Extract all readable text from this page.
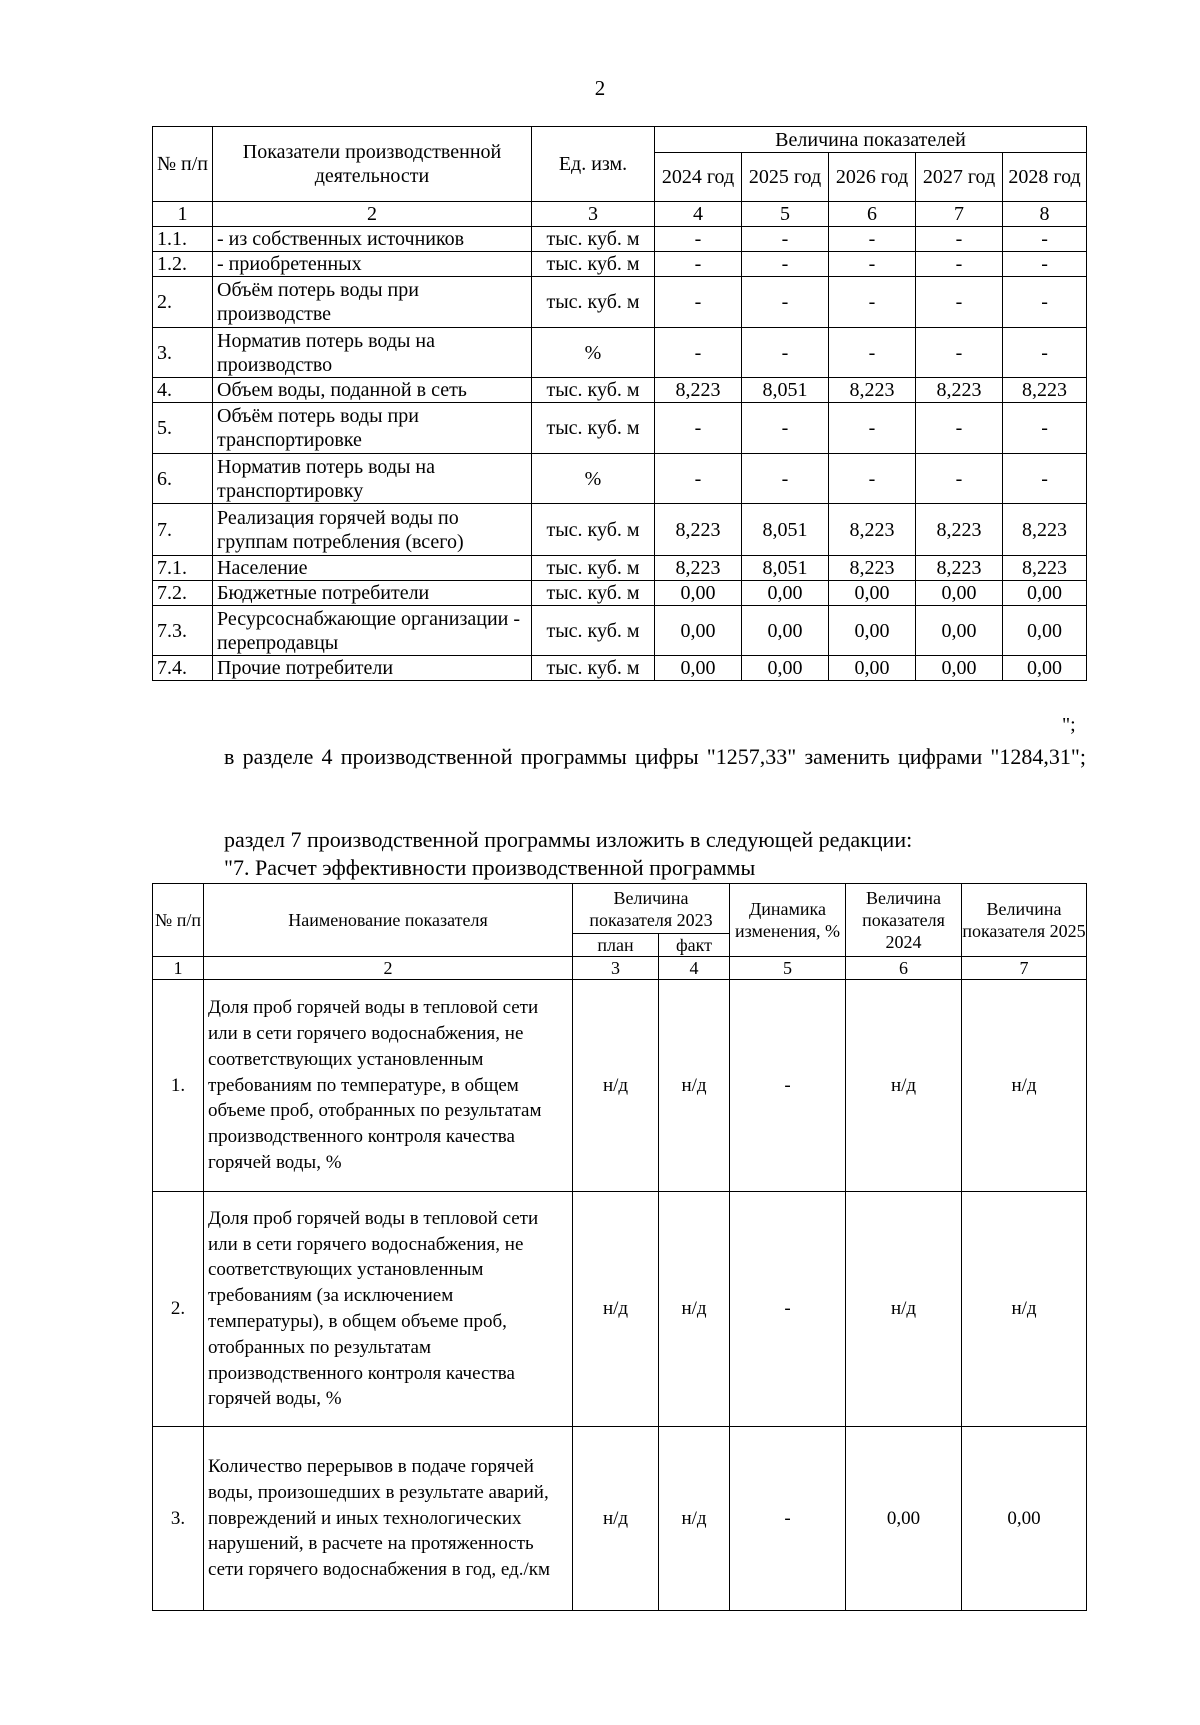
2
№ п/п	Показатели производственной деятельности	Ед. изм.	Величина показателей				
			2024 год	2025 год	2026 год	2027 год	2028 год
1	2	3	4	5	6	7	8
1.1.	- из собственных источников	тыс. куб. м	-	-	-	-	-
1.2.	- приобретенных	тыс. куб. м	-	-	-	-	-
2.	Объём потерь воды при производстве	тыс. куб. м	-	-	-	-	-
3.	Норматив потерь воды на производство	%	-	-	-	-	-
4.	Объем воды, поданной в сеть	тыс. куб. м	8,223	8,051	8,223	8,223	8,223
5.	Объём потерь воды при транспортировке	тыс. куб. м	-	-	-	-	-
6.	Норматив потерь воды на транспортировку	%	-	-	-	-	-
7.	Реализация горячей воды по группам потребления (всего)	тыс. куб. м	8,223	8,051	8,223	8,223	8,223
7.1.	Население	тыс. куб. м	8,223	8,051	8,223	8,223	8,223
7.2.	Бюджетные потребители	тыс. куб. м	0,00	0,00	0,00	0,00	0,00
7.3.	Ресурсоснабжающие организации - перепродавцы	тыс. куб. м	0,00	0,00	0,00	0,00	0,00
7.4.	Прочие потребители	тыс. куб. м	0,00	0,00	0,00	0,00	0,00
";
в разделе 4 производственной программы цифры "1257,33" заменить цифрами "1284,31";
раздел 7 производственной программы изложить в следующей редакции:
"7. Расчет эффективности производственной программы
№ п/п	Наименование показателя	Величина показателя 2023		Динамика изменения, %	Величина показателя 2024	Величина показателя 2025
		план	факт			
1	2	3	4	5	6	7
1.	Доля проб горячей воды в тепловой сети или в сети горячего водоснабжения, не соответствующих установленным требованиям по температуре, в общем объеме проб, отобранных по результатам производственного контроля качества горячей воды, %	н/д	н/д	-	н/д	н/д
2.	Доля проб горячей воды в тепловой сети или в сети горячего водоснабжения, не соответствующих установленным требованиям (за исключением температуры), в общем объеме проб, отобранных по результатам производственного контроля качества горячей воды, %	н/д	н/д	-	н/д	н/д
3.	Количество перерывов в подаче горячей воды, произошедших в результате аварий, повреждений и иных технологических нарушений, в расчете на протяженность сети горячего водоснабжения в год, ед./км	н/д	н/д	-	0,00	0,00
